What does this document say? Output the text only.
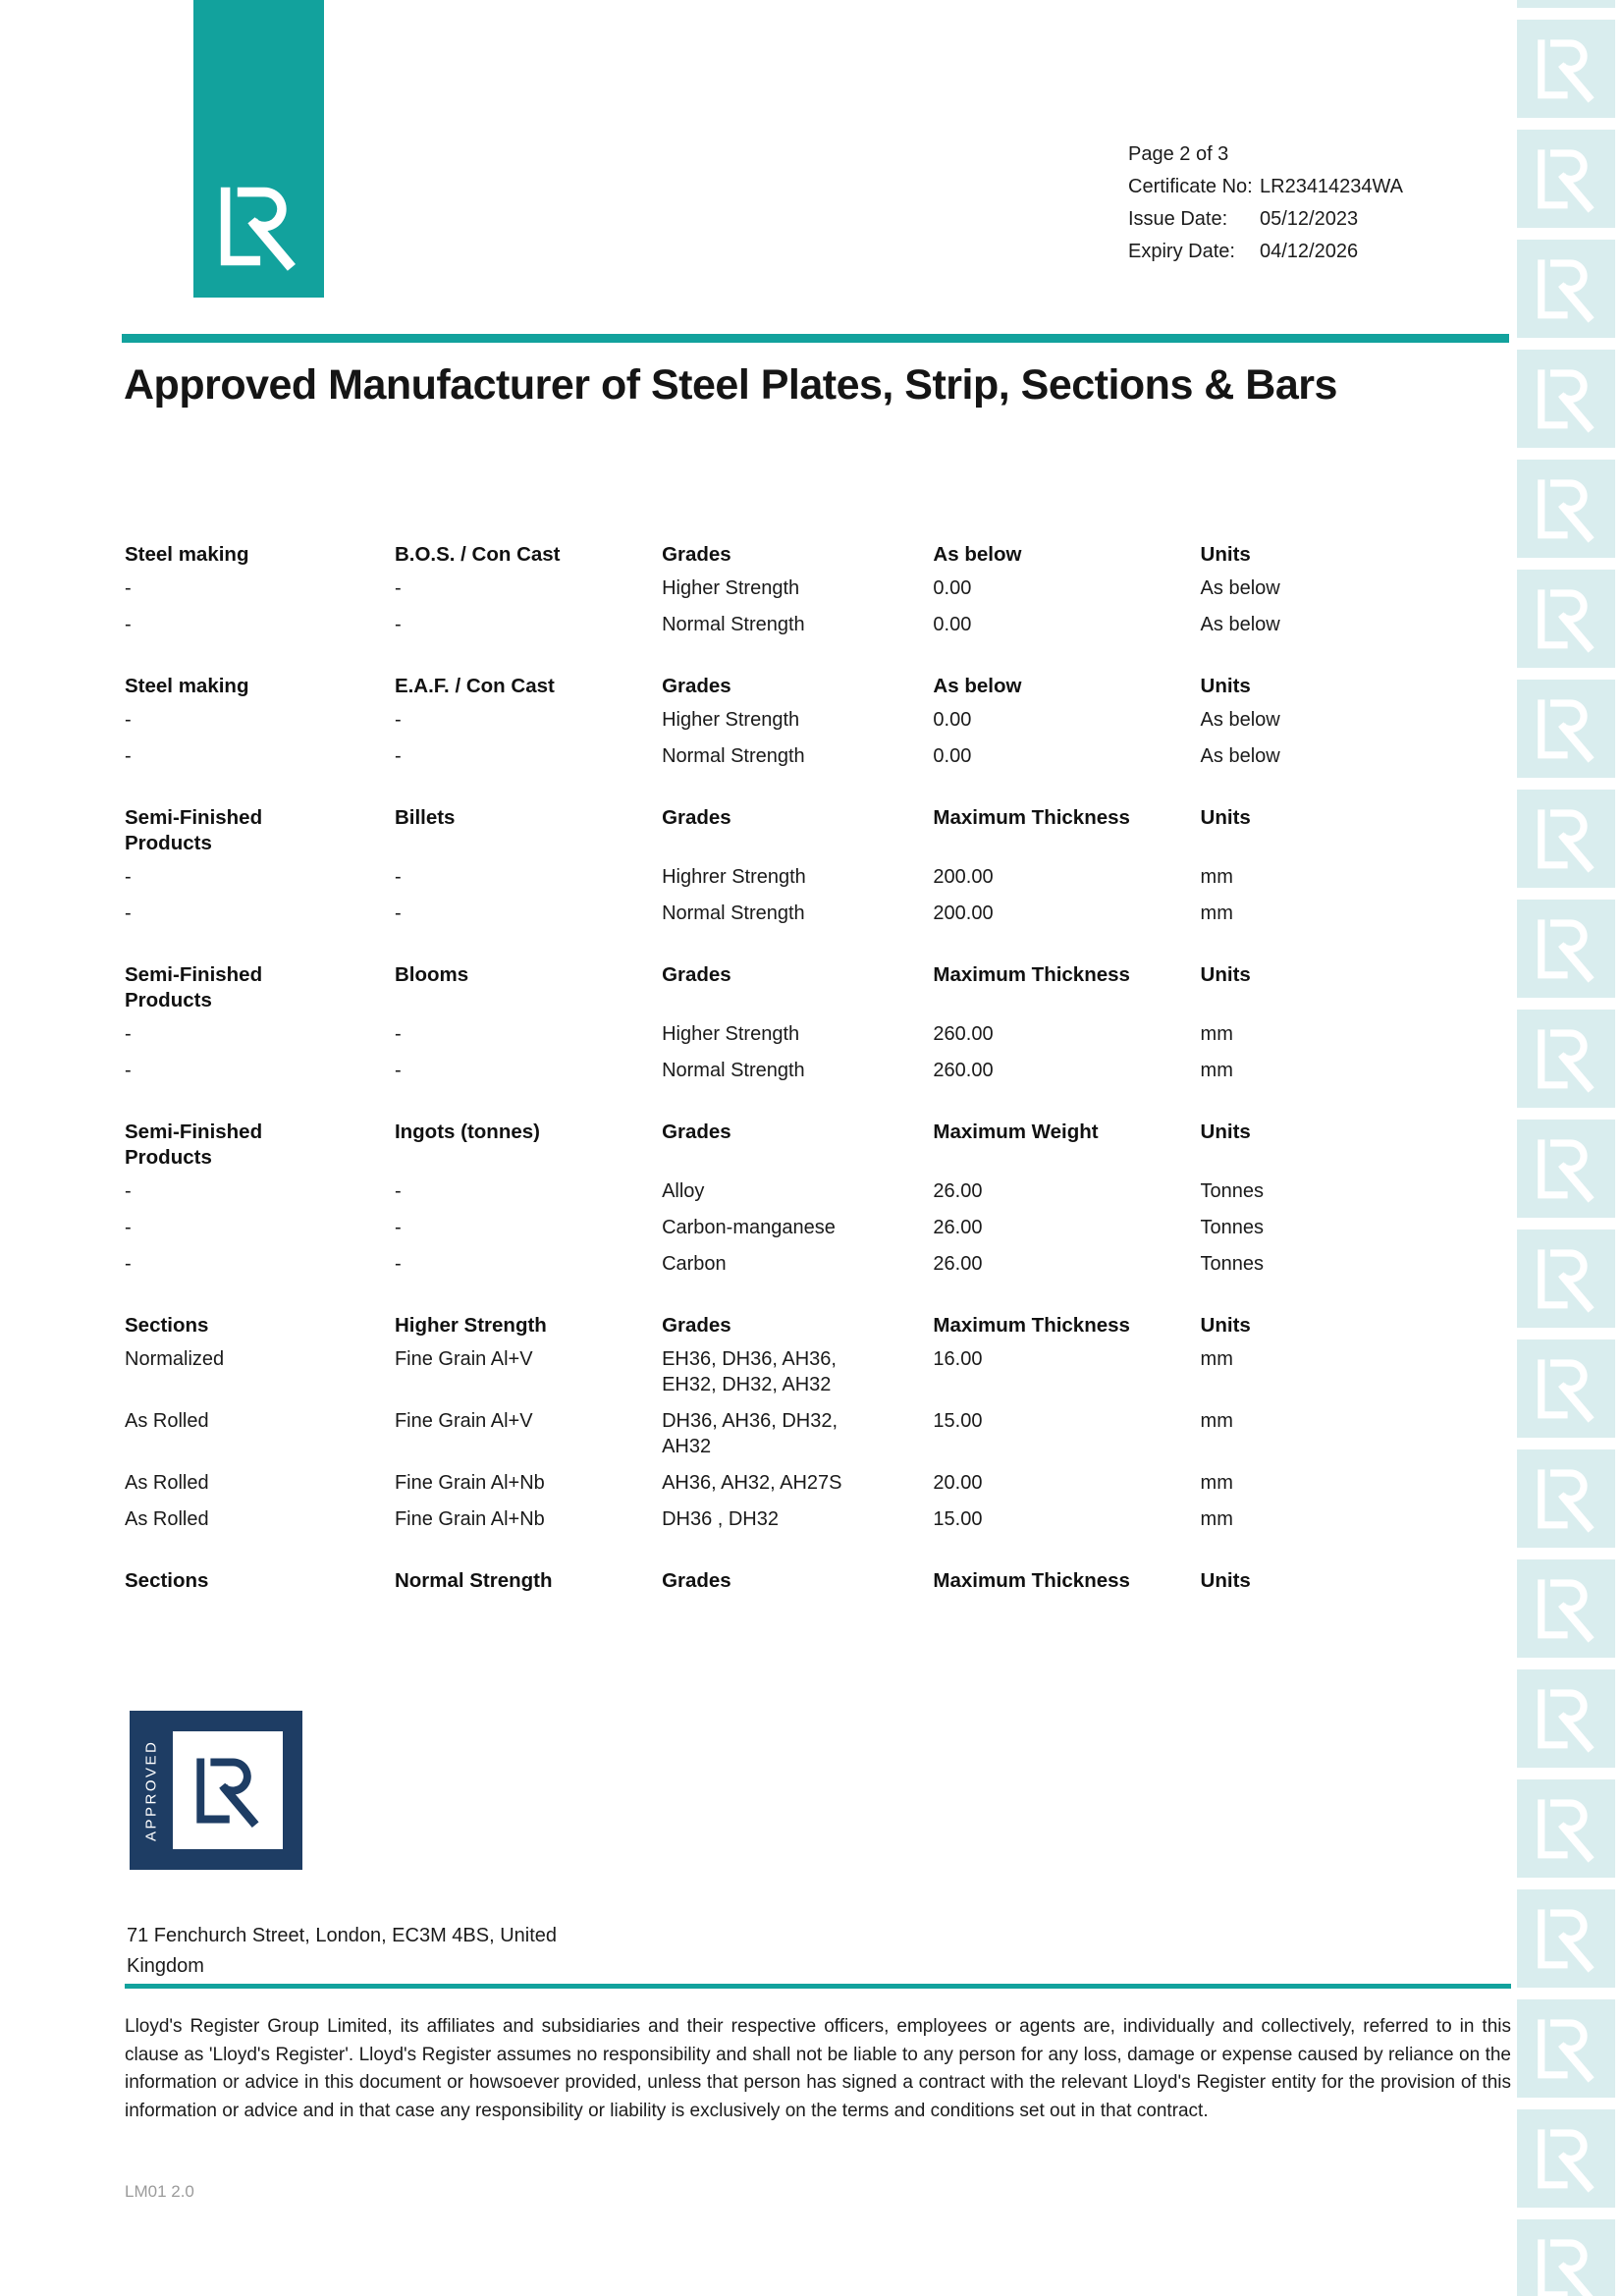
Page 2 of 3
Certificate No: LR23414234WA
Issue Date: 05/12/2023
Expiry Date: 04/12/2026
Approved Manufacturer of Steel Plates, Strip, Sections & Bars
Steel making	B.O.S. / Con Cast	Grades	As below	Units
-	-	Higher Strength	0.00	As below
-	-	Normal Strength	0.00	As below
Steel making	E.A.F. / Con Cast	Grades	As below	Units
-	-	Higher Strength	0.00	As below
-	-	Normal Strength	0.00	As below
Semi-Finished Products	Billets	Grades	Maximum Thickness	Units
-	-	Highrer Strength	200.00	mm
-	-	Normal Strength	200.00	mm
Semi-Finished Products	Blooms	Grades	Maximum Thickness	Units
-	-	Higher Strength	260.00	mm
-	-	Normal Strength	260.00	mm
Semi-Finished Products	Ingots (tonnes)	Grades	Maximum Weight	Units
-	-	Alloy	26.00	Tonnes
-	-	Carbon-manganese	26.00	Tonnes
-	-	Carbon	26.00	Tonnes
Sections	Higher Strength	Grades	Maximum Thickness	Units
Normalized	Fine Grain Al+V	EH36, DH36, AH36, EH32, DH32, AH32	16.00	mm
As Rolled	Fine Grain Al+V	DH36, AH36, DH32, AH32	15.00	mm
As Rolled	Fine Grain Al+Nb	AH36, AH32, AH27S	20.00	mm
As Rolled	Fine Grain Al+Nb	DH36 , DH32	15.00	mm
Sections	Normal Strength	Grades	Maximum Thickness	Units
APPROVED
71 Fenchurch Street, London, EC3M 4BS, United Kingdom

Lloyd's Register Group Limited, its affiliates and subsidiaries and their respective officers, employees or agents are, individually and collectively, referred to in this clause as 'Lloyd's Register'. Lloyd's Register assumes no responsibility and shall not be liable to any person for any loss, damage or expense caused by reliance on the information or advice in this document or howsoever provided, unless that person has signed a contract with the relevant Lloyd's Register entity for the provision of this information or advice and in that case any responsibility or liability is exclusively on the terms and conditions set out in that contract.

LM01 2.0
